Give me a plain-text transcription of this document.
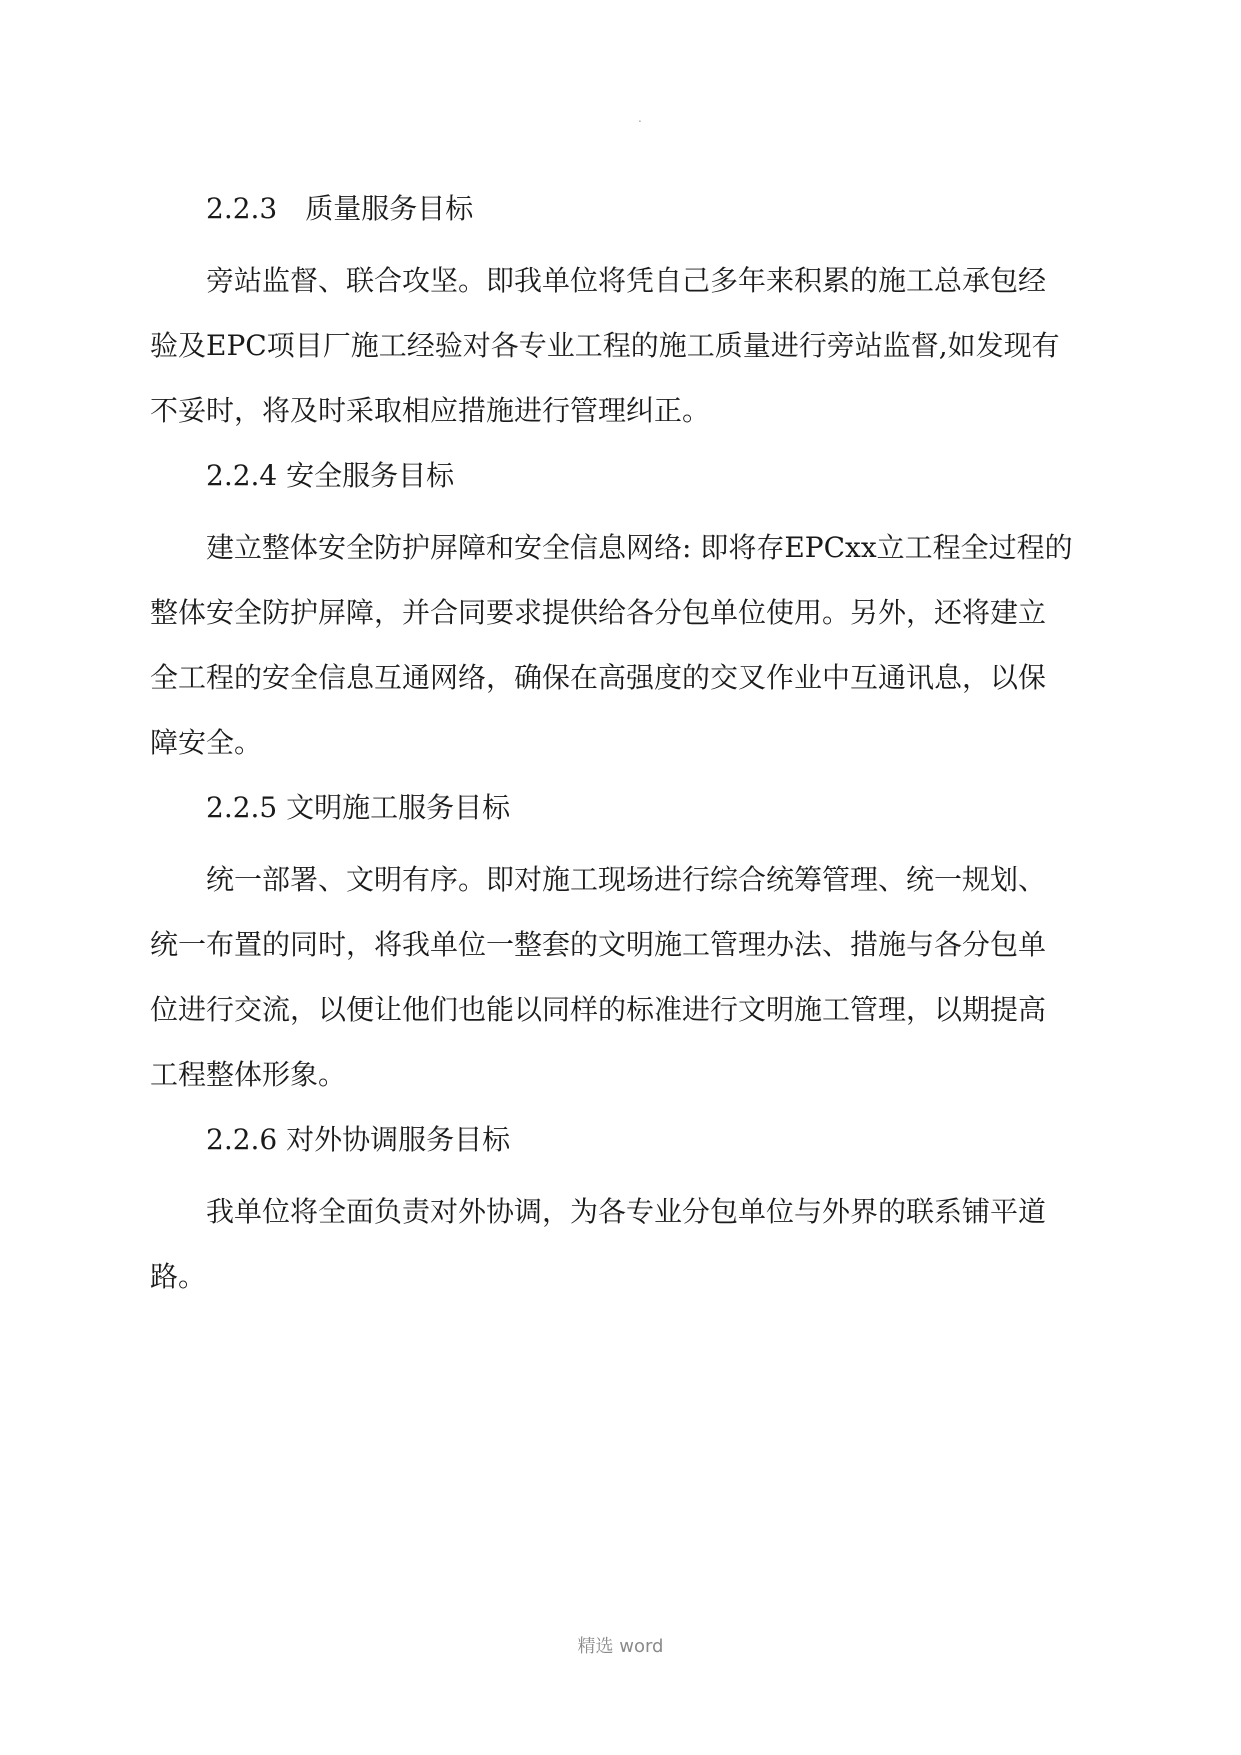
.
2.2.3　质量服务目标
旁站监督、联合攻坚。即我单位将凭自己多年来积累的施工总承包经
验及EPC项目厂施工经验对各专业工程的施工质量进行旁站监督,如发现有
不妥时，将及时采取相应措施进行管理纠正。
2.2.4 安全服务目标
建立整体安全防护屏障和安全信息网络: 即将存EPCxx立工程全过程的
整体安全防护屏障，并合同要求提供给各分包单位使用。另外，还将建立
全工程的安全信息互通网络，确保在高强度的交叉作业中互通讯息，以保
障安全。
2.2.5 文明施工服务目标
统一部署、文明有序。即对施工现场进行综合统筹管理、统一规划、
统一布置的同时，将我单位一整套的文明施工管理办法、措施与各分包单
位进行交流，以便让他们也能以同样的标准进行文明施工管理，以期提高
工程整体形象。
2.2.6 对外协调服务目标
我单位将全面负责对外协调，为各专业分包单位与外界的联系铺平道
路。
精选 word
